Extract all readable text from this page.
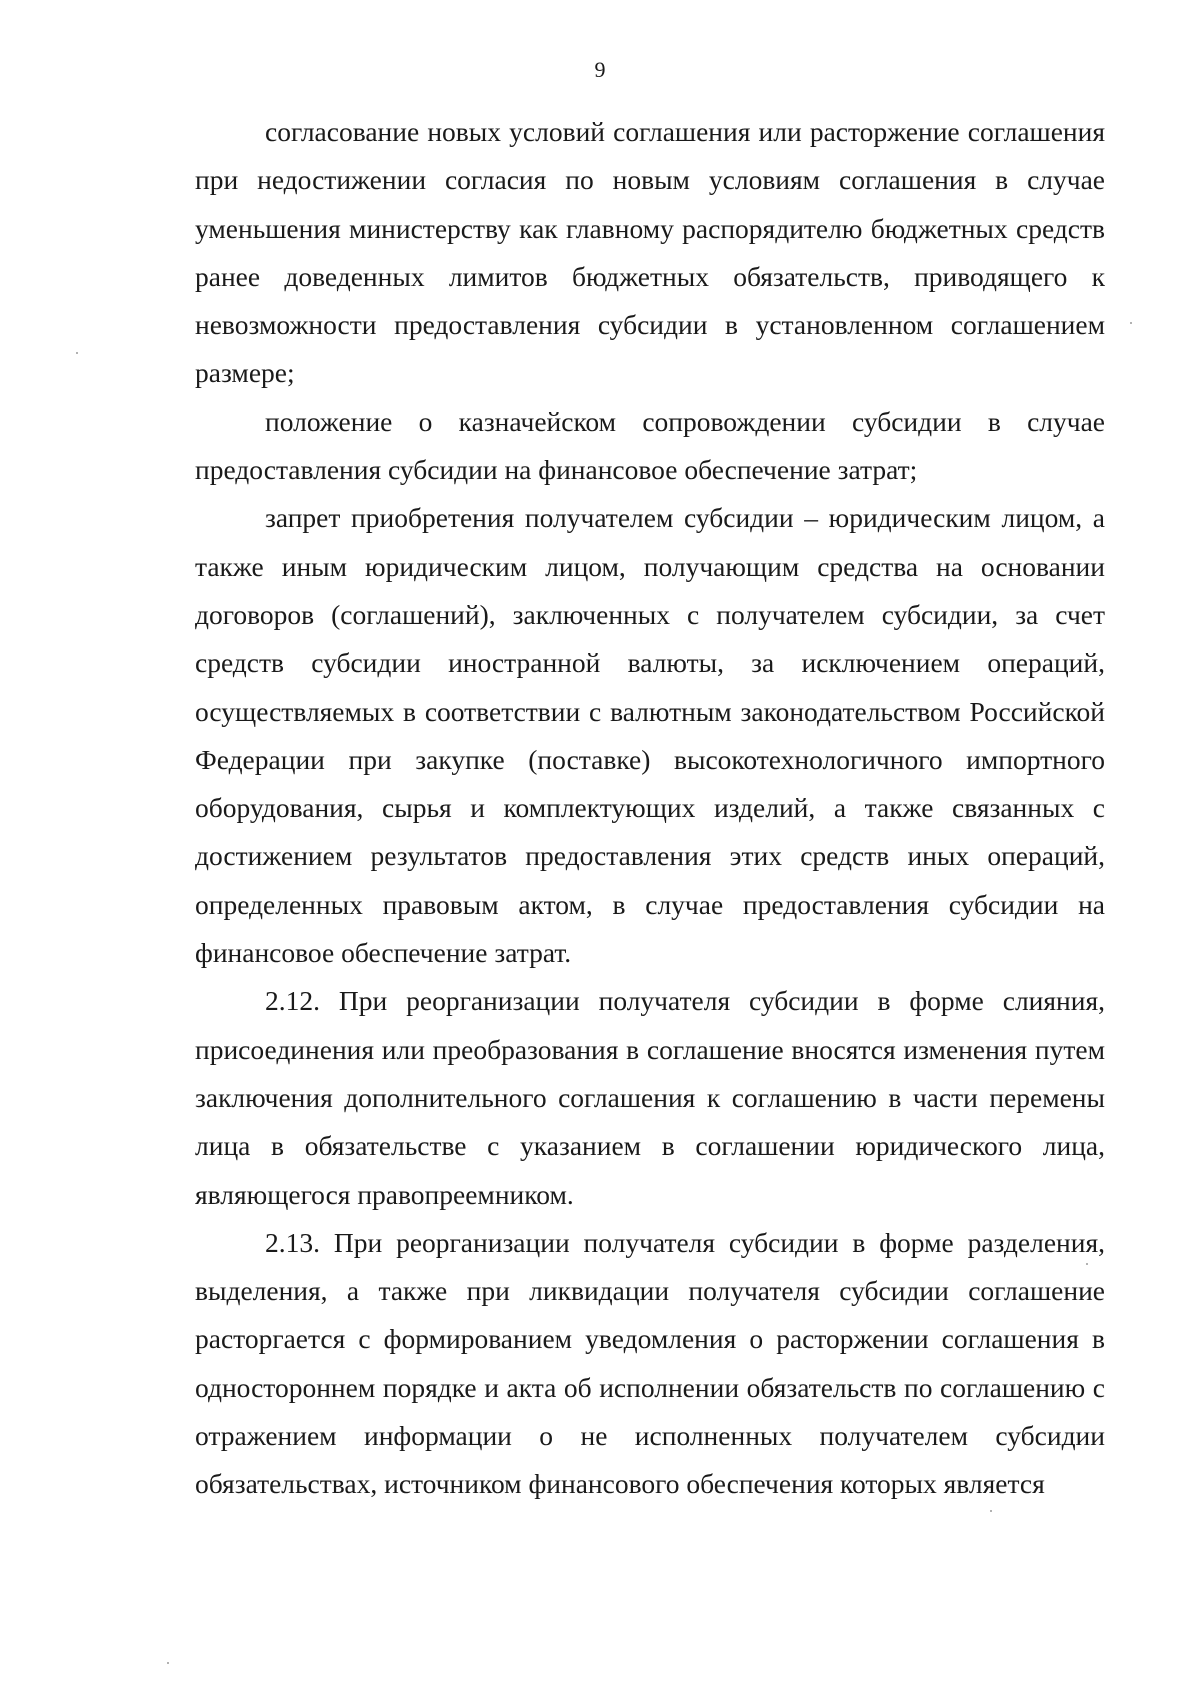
9

согласование новых условий соглашения или расторжение соглашения при недостижении согласия по новым условиям соглашения в случае уменьшения министерству как главному распорядителю бюджетных средств ранее доведенных лимитов бюджетных обязательств, приводящего к невозможности предоставления субсидии в установленном соглашением размере;

положение о казначейском сопровождении субсидии в случае предоставления субсидии на финансовое обеспечение затрат;

запрет приобретения получателем субсидии – юридическим лицом, а также иным юридическим лицом, получающим средства на основании договоров (соглашений), заключенных с получателем субсидии, за счет средств субсидии иностранной валюты, за исключением операций, осуществляемых в соответствии с валютным законодательством Российской Федерации при закупке (поставке) высокотехнологичного импортного оборудования, сырья и комплектующих изделий, а также связанных с достижением результатов предоставления этих средств иных операций, определенных правовым актом, в случае предоставления субсидии на финансовое обеспечение затрат.

2.12. При реорганизации получателя субсидии в форме слияния, присоединения или преобразования в соглашение вносятся изменения путем заключения дополнительного соглашения к соглашению в части перемены лица в обязательстве с указанием в соглашении юридического лица, являющегося правопреемником.

2.13. При реорганизации получателя субсидии в форме разделения, выделения, а также при ликвидации получателя субсидии соглашение расторгается с формированием уведомления о расторжении соглашения в одностороннем порядке и акта об исполнении обязательств по соглашению с отражением информации о не исполненных получателем субсидии обязательствах, источником финансового обеспечения которых является
